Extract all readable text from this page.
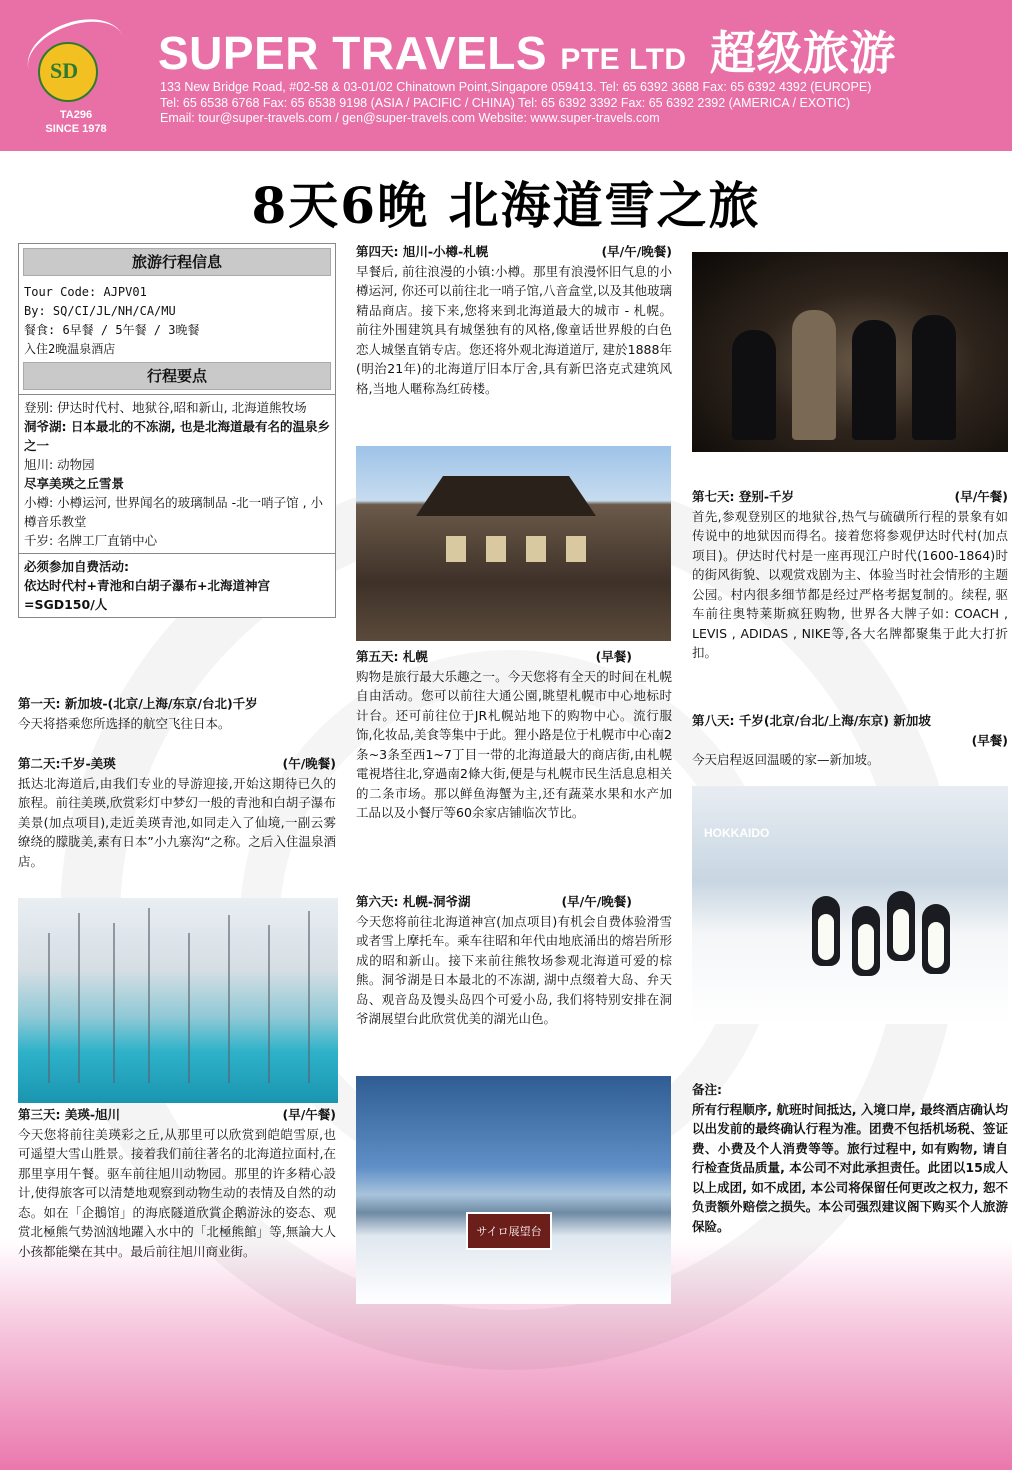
SD
TA296
SINCE 1978
SUPER TRAVELS PTE LTD 超级旅游
133 New Bridge Road, #02-58 & 03-01/02 Chinatown Point,Singapore 059413. Tel: 65 6392 3688 Fax: 65 6392 4392 (EUROPE)
Tel: 65 6538 6768 Fax: 65 6538 9198 (ASIA / PACIFIC / CHINA) Tel: 65 6392 3392 Fax: 65 6392 2392 (AMERICA / EXOTIC)
Email: tour@super-travels.com / gen@super-travels.com Website: www.super-travels.com
8天6晚 北海道雪之旅
旅游行程信息
Tour Code: AJPV01
By: SQ/CI/JL/NH/CA/MU
餐食: 6早餐 / 5午餐 / 3晚餐
入住2晚温泉酒店
行程要点
登别: 伊达时代村、地狱谷,昭和新山, 北海道熊牧场
洞爷湖: 日本最北的不冻湖, 也是北海道最有名的温泉乡之一
旭川: 动物园
尽享美瑛之丘雪景
小樽: 小樽运河, 世界闻名的玻璃制品 -北一哨子馆 , 小樽音乐教堂
千岁: 名牌工厂直销中心
必须参加自费活动:
依达时代村+青池和白胡子瀑布+北海道神宫=SGD150/人
第一天: 新加坡-(北京/上海/东京/台北)千岁
今天将搭乘您所选择的航空飞往日本。
第二天:千岁-美瑛	(午/晚餐)
抵达北海道后,由我们专业的导游迎接,开始这期待已久的旅程。前往美瑛,欣赏彩灯中梦幻一般的青池和白胡子瀑布美景(加点项目),走近美瑛青池,如同走入了仙境,一副云雾缭绕的朦胧美,素有日本”小九寨沟“之称。之后入住温泉酒店。
第三天: 美瑛-旭川	(早/午餐)
今天您将前往美瑛彩之丘,从那里可以欣赏到皑皑雪原,也可遥望大雪山胜景。接着我们前往著名的北海道拉面村,在那里享用午餐。驱车前往旭川动物园。那里的许多精心設计,使得旅客可以清楚地观察到动物生动的表情及自然的动态。如在「企鵝馆」的海底隧道欣賞企鹅游泳的姿态、观赏北極熊气势汹汹地躍入水中的「北極熊館」等,無論大人小孩都能樂在其中。最后前往旭川商业街。
第四天: 旭川-小樽-札幌	(早/午/晚餐)
早餐后, 前往浪漫的小镇:小樽。那里有浪漫怀旧气息的小樽运河, 你还可以前往北一哨子馆,八音盒堂,以及其他玻璃精品商店。接下来,您将来到北海道最大的城市 - 札幌。前往外围建筑具有城堡独有的风格,像童话世界般的白色恋人城堡直销专店。您还将外观北海道道厅, 建於1888年(明治21年)的北海道厅旧本厅舍,具有新巴洛克式建筑风格,当地人暱称為红砖楼。
第五天: 札幌	(早餐)
购物是旅行最大乐趣之一。今天您将有全天的时间在札幌自由活动。您可以前往大通公園,眺望札幌市中心地标时计台。还可前往位于JR札幌站地下的购物中心。流行服饰,化妆品,美食等集中于此。狸小路是位于札幌市中心南2条~3条至西1~7丁目一带的北海道最大的商店街,由札幌電視塔往北,穿過南2條大街,便是与札幌市民生活息息相关的二条市场。那以鲜鱼海蟹为主,还有蔬菜水果和水产加工品以及小餐厅等60余家店铺临次节比。
第六天: 札幌-洞爷湖	(早/午/晚餐)
今天您将前往北海道神宫(加点项目)有机会自费体验滑雪或者雪上摩托车。乘车往昭和年代由地底涌出的熔岩所形成的昭和新山。接下来前往熊牧场参观北海道可爱的棕熊。洞爷湖是日本最北的不冻湖, 湖中点缀着大岛、弁天岛、观音岛及馒头岛四个可爱小岛, 我们将特别安排在洞爷湖展望台此欣赏优美的湖光山色。
サイロ展望台
第七天: 登别-千岁	(早/午餐)
首先,参观登别区的地狱谷,热气与硫磺所行程的景象有如传说中的地狱因而得名。接着您将参观伊达时代村(加点项目)。伊达时代村是一座再现江户时代(1600-1864)时的街风街貌、以观赏戏剧为主、体验当时社会情形的主题公园。村内很多细节都是经过严格考据复制的。续程, 驱车前往奥特莱斯疯狂购物, 世界各大牌子如: COACH , LEVIS , ADIDAS , NIKE等,各大名牌都聚集于此大打折扣。
第八天: 千岁(北京/台北/上海/东京) 新加坡
(早餐)
今天启程返回温暖的家—新加坡。
HOKKAIDO
备注:
所有行程顺序, 航班时间抵达, 入境口岸, 最终酒店确认均以出发前的最终确认行程为准。团费不包括机场税、签证费、小费及个人消费等等。旅行过程中, 如有购物, 请自行检查货品质量, 本公司不对此承担责任。此团以15成人以上成团, 如不成团, 本公司将保留任何更改之权力, 恕不负责额外赔偿之损失。本公司强烈建议阁下购买个人旅游保险。
